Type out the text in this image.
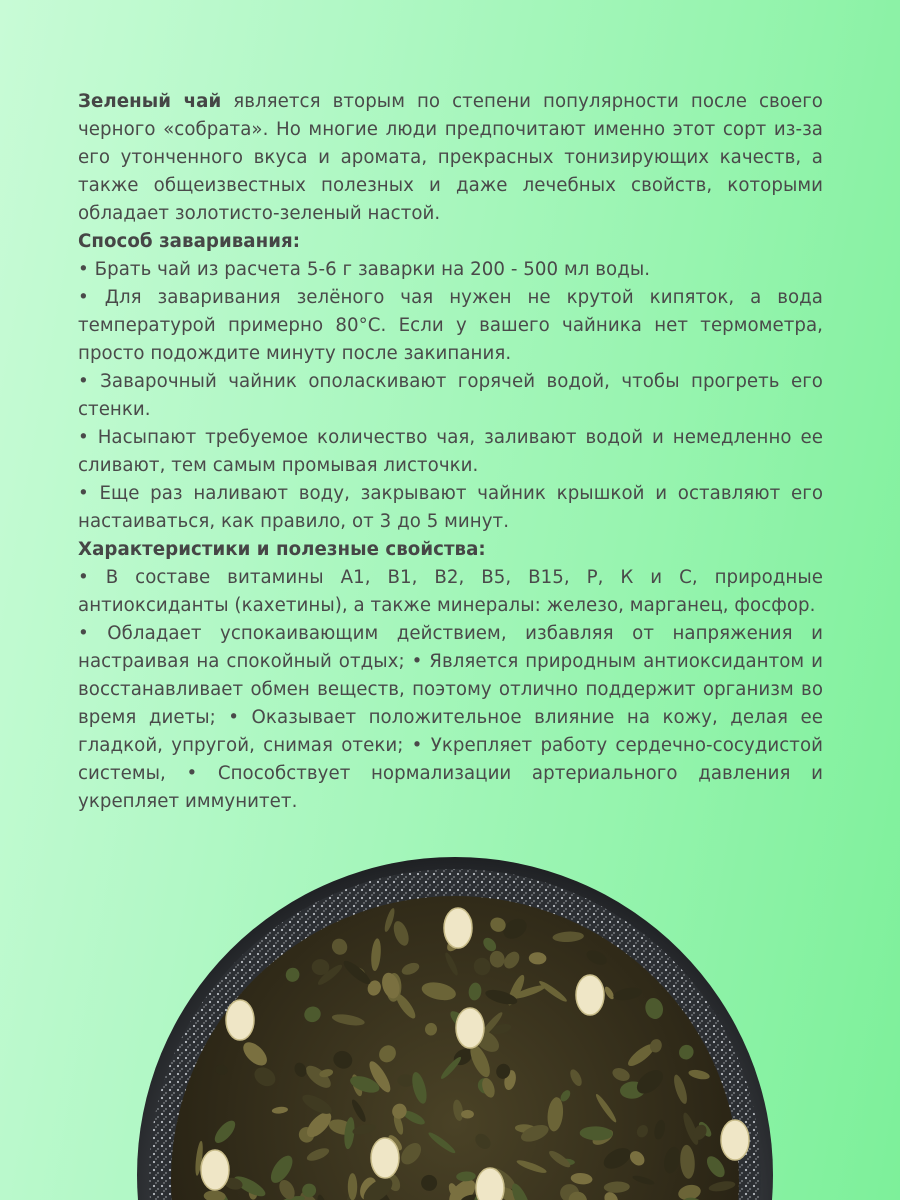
Зеленый чай является вторым по степени популярности после своего черного «собрата». Но многие люди предпочитают именно этот сорт из-за его утонченного вкуса и аромата, прекрасных тонизирующих качеств, а также общеизвестных полезных и даже лечебных свойств, которыми обладает золотисто-зеленый настой.

Способ заваривания:

• Брать чай из расчета 5-6 г заварки на 200 - 500 мл воды.

• Для заваривания зелёного чая нужен не крутой кипяток, а вода температурой примерно 80°С. Если у вашего чайника нет термометра, просто подождите минуту после закипания.

• Заварочный чайник ополаскивают горячей водой, чтобы прогреть его стенки.

• Насыпают требуемое количество чая, заливают водой и немедленно ее сливают, тем самым промывая листочки.

• Еще раз наливают воду, закрывают чайник крышкой и оставляют его настаиваться, как правило, от 3 до 5 минут.

Характеристики и полезные свойства:

• В составе витамины А1, В1, В2, В5, В15, Р, К и С, природные антиоксиданты (кахетины), а также минералы: железо, марганец, фосфор.

• Обладает успокаивающим действием, избавляя от напряжения и настраивая на спокойный отдых; • Является природным антиоксидантом и восстанавливает обмен веществ, поэтому отлично поддержит организм во время диеты; • Оказывает положительное влияние на кожу, делая ее гладкой, упругой, снимая отеки; • Укрепляет работу сердечно-сосудистой системы, • Способствует нормализации артериального давления и укрепляет иммунитет.
